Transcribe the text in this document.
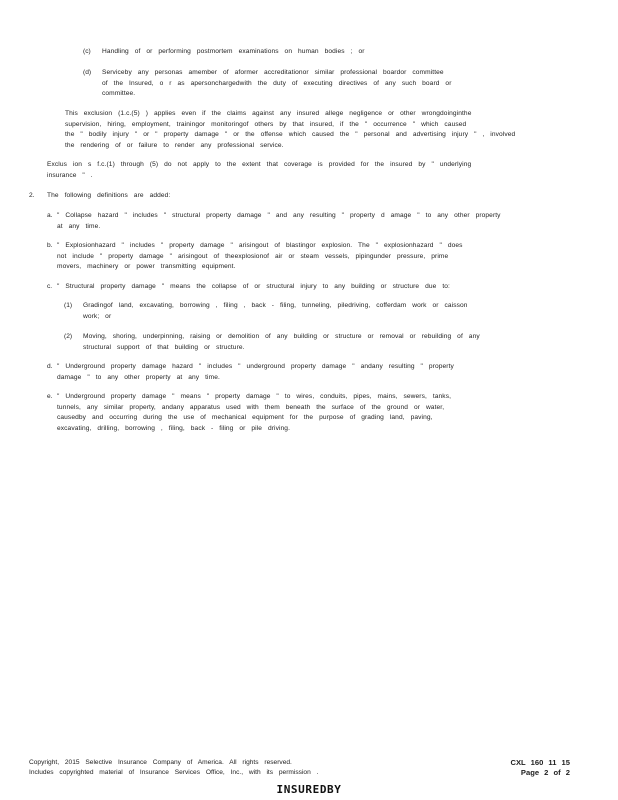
(c) Handling of or performing postmortem examinations on human bodies ; or
(d) Serviceby any personas amember of aformer accreditationor similar professional boardor committee
of the Insured, o r as apersonchargedwith the duty of executing directives of any such board or
committee.
This exclusion (1.c.(5) ) applies even if the claims against any insured allege negligence or other wrongdoinginthe
supervision, hiring, employment, trainingor monitoringof others by that insured, if the " occurrence " which caused
the " bodily injury " or " property damage " or the offense which caused the " personal and advertising injury " , involved
the rendering of or failure to render any professional service.
Exclus ion s f.c.(1) through (5) do not apply to the extent that coverage is provided for the insured by " underlying
insurance " .
2. The following definitions are added:
a. " Collapse hazard " includes " structural property damage " and any resulting " property d amage " to any other property
at any time.
b. " Explosionhazard " includes " property damage " arisingout of blastingor explosion. The " explosionhazard " does
not include " property damage " arisingout of theexplosionof air or steam vessels, pipingunder pressure, prime
movers, machinery or power transmitting equipment.
c. " Structural property damage " means the collapse of or structural injury to any building or structure due to:
(1) Gradingof land, excavating, borrowing , filing , back - filing, tunneling, piledriving, cofferdam work or caisson
work; or
(2) Moving, shoring, underpinning, raising or demolition of any building or structure or removal or rebuilding of any
structural support of that building or structure.
d. " Underground property damage hazard " includes " underground property damage " andany resulting " property
damage " to any other property at any time.
e. " Underground property damage " means " property damage " to wires, conduits, pipes, mains, sewers, tanks,
tunnels, any similar property, andany apparatus used with them beneath the surface of the ground or water,
causedby and occurring during the use of mechanical equipment for the purpose of grading land, paving,
excavating, drilling, borrowing , filing, back - filing or pile driving.
Copyright, 2015 Selective Insurance Company of America. All rights reserved.
Includes copyrighted material of Insurance Services Office, Inc., with its permission .
CXL 160 11 15
Page 2 of 2
INSUREDBY
